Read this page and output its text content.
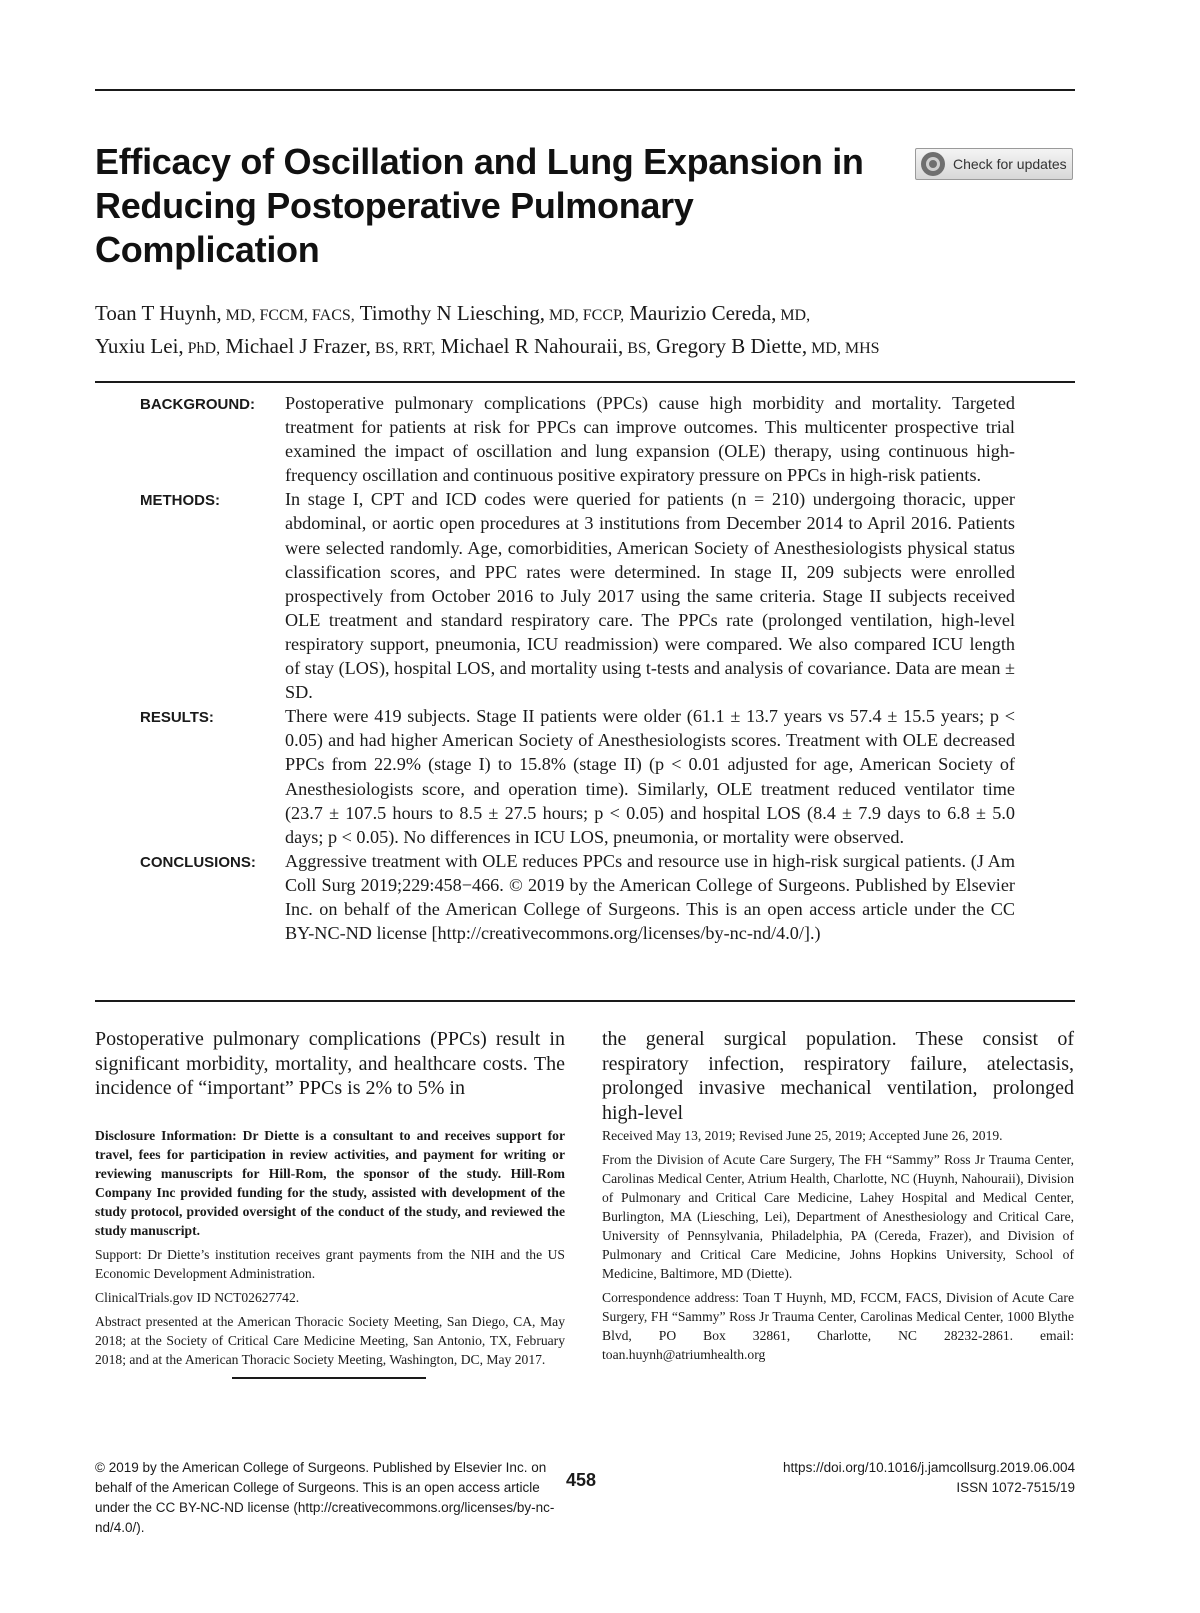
Efficacy of Oscillation and Lung Expansion in Reducing Postoperative Pulmonary Complication
Check for updates

Toan T Huynh, MD, FCCM, FACS, Timothy N Liesching, MD, FCCP, Maurizio Cereda, MD,
Yuxiu Lei, PhD, Michael J Frazer, BS, RRT, Michael R Nahouraii, BS, Gregory B Diette, MD, MHS

BACKGROUND:	Postoperative pulmonary complications (PPCs) cause high morbidity and mortality. Targeted treatment for patients at risk for PPCs can improve outcomes. This multicenter prospective trial examined the impact of oscillation and lung expansion (OLE) therapy, using continuous high-frequency oscillation and continuous positive expiratory pressure on PPCs in high-risk patients.
METHODS:	In stage I, CPT and ICD codes were queried for patients (n = 210) undergoing thoracic, upper abdominal, or aortic open procedures at 3 institutions from December 2014 to April 2016. Patients were selected randomly. Age, comorbidities, American Society of Anesthesiologists physical status classification scores, and PPC rates were determined. In stage II, 209 subjects were enrolled prospectively from October 2016 to July 2017 using the same criteria. Stage II subjects received OLE treatment and standard respiratory care. The PPCs rate (prolonged ventilation, high-level respiratory support, pneumonia, ICU readmission) were compared. We also compared ICU length of stay (LOS), hospital LOS, and mortality using t-tests and analysis of covariance. Data are mean ± SD.
RESULTS:	There were 419 subjects. Stage II patients were older (61.1 ± 13.7 years vs 57.4 ± 15.5 years; p < 0.05) and had higher American Society of Anesthesiologists scores. Treatment with OLE decreased PPCs from 22.9% (stage I) to 15.8% (stage II) (p < 0.01 adjusted for age, American Society of Anesthesiologists score, and operation time). Similarly, OLE treatment reduced ventilator time (23.7 ± 107.5 hours to 8.5 ± 27.5 hours; p < 0.05) and hospital LOS (8.4 ± 7.9 days to 6.8 ± 5.0 days; p < 0.05). No differences in ICU LOS, pneumonia, or mortality were observed.
CONCLUSIONS:	Aggressive treatment with OLE reduces PPCs and resource use in high-risk surgical patients. (J Am Coll Surg 2019;229:458−466. © 2019 by the American College of Surgeons. Published by Elsevier Inc. on behalf of the American College of Surgeons. This is an open access article under the CC BY-NC-ND license [http://creativecommons.org/licenses/by-nc-nd/4.0/].)

Postoperative pulmonary complications (PPCs) result in significant morbidity, mortality, and healthcare costs. The incidence of “important” PPCs is 2% to 5% in

the general surgical population. These consist of respiratory infection, respiratory failure, atelectasis, prolonged invasive mechanical ventilation, prolonged high-level

Disclosure Information: Dr Diette is a consultant to and receives support for travel, fees for participation in review activities, and payment for writing or reviewing manuscripts for Hill-Rom, the sponsor of the study. Hill-Rom Company Inc provided funding for the study, assisted with development of the study protocol, provided oversight of the conduct of the study, and reviewed the study manuscript.

Support: Dr Diette’s institution receives grant payments from the NIH and the US Economic Development Administration.

ClinicalTrials.gov ID NCT02627742.

Abstract presented at the American Thoracic Society Meeting, San Diego, CA, May 2018; at the Society of Critical Care Medicine Meeting, San Antonio, TX, February 2018; and at the American Thoracic Society Meeting, Washington, DC, May 2017.

Received May 13, 2019; Revised June 25, 2019; Accepted June 26, 2019.

From the Division of Acute Care Surgery, The FH “Sammy” Ross Jr Trauma Center, Carolinas Medical Center, Atrium Health, Charlotte, NC (Huynh, Nahouraii), Division of Pulmonary and Critical Care Medicine, Lahey Hospital and Medical Center, Burlington, MA (Liesching, Lei), Department of Anesthesiology and Critical Care, University of Pennsylvania, Philadelphia, PA (Cereda, Frazer), and Division of Pulmonary and Critical Care Medicine, Johns Hopkins University, School of Medicine, Baltimore, MD (Diette).

Correspondence address: Toan T Huynh, MD, FCCM, FACS, Division of Acute Care Surgery, FH “Sammy” Ross Jr Trauma Center, Carolinas Medical Center, 1000 Blythe Blvd, PO Box 32861, Charlotte, NC 28232-2861. email: toan.huynh@atriumhealth.org

© 2019 by the American College of Surgeons. Published by Elsevier Inc. on behalf of the American College of Surgeons. This is an open access article under the CC BY-NC-ND license (http://creativecommons.org/licenses/by-nc-nd/4.0/).

458
https://doi.org/10.1016/j.jamcollsurg.2019.06.004
ISSN 1072-7515/19
